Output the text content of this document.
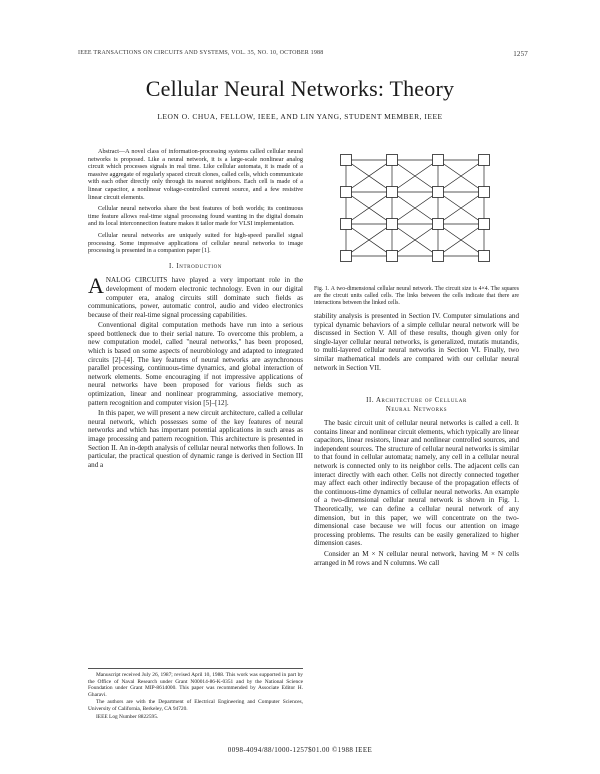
IEEE TRANSACTIONS ON CIRCUITS AND SYSTEMS, VOL. 35, NO. 10, OCTOBER 1988	1257
Cellular Neural Networks: Theory
LEON O. CHUA, FELLOW, IEEE, AND LIN YANG, STUDENT MEMBER, IEEE

Abstract—A novel class of information-processing systems called cellular neural networks is proposed. Like a neural network, it is a large-scale nonlinear analog circuit which processes signals in real time. Like cellular automata, it is made of a massive aggregate of regularly spaced circuit clones, called cells, which communicate with each other directly only through its nearest neighbors. Each cell is made of a linear capacitor, a nonlinear voltage-controlled current source, and a few resistive linear circuit elements.

Cellular neural networks share the best features of both worlds; its continuous time feature allows real-time signal processing found wanting in the digital domain and its local interconnection feature makes it tailor made for VLSI implementation.

Cellular neural networks are uniquely suited for high-speed parallel signal processing. Some impressive applications of cellular neural networks to image processing is presented in a companion paper [1].

I. Introduction

A NALOG CIRCUITS have played a very important role in the development of modern electronic technology. Even in our digital computer era, analog circuits still dominate such fields as communications, power, automatic control, audio and video electronics because of their real-time signal processing capabilities.

Conventional digital computation methods have run into a serious speed bottleneck due to their serial nature. To overcome this problem, a new computation model, called "neural networks," has been proposed, which is based on some aspects of neurobiology and adapted to integrated circuits [2]–[4]. The key features of neural networks are asynchronous parallel processing, continuous-time dynamics, and global interaction of network elements. Some encouraging if not impressive applications of neural networks have been proposed for various fields such as optimization, linear and nonlinear programming, associative memory, pattern recognition and computer vision [5]–[12].

In this paper, we will present a new circuit architecture, called a cellular neural network, which possesses some of the key features of neural networks and which has important potential applications in such areas as image processing and pattern recognition. This architecture is presented in Section II. An in-depth analysis of cellular neural networks then follows. In particular, the practical question of dynamic range is derived in Section III and a

Manuscript received July 26, 1987; revised April 10, 1988. This work was supported in part by the Office of Naval Research under Grant N00014-86-K-0351 and by the National Science Foundation under Grant MIP-8614000. This paper was recommended by Associate Editor H. Gharavi.

The authors are with the Department of Electrical Engineering and Computer Sciences, University of California, Berkeley, CA 94720.

IEEE Log Number 8822595.

Fig. 1. A two-dimensional cellular neural network. The circuit size is 4×4. The squares are the circuit units called cells. The links between the cells indicate that there are interactions between the linked cells.

stability analysis is presented in Section IV. Computer simulations and typical dynamic behaviors of a simple cellular neural network will be discussed in Section V. All of these results, though given only for single-layer cellular neural networks, is generalized, mutatis mutandis, to multi-layered cellular neural networks in Section VI. Finally, two similar mathematical models are compared with our cellular neural network in Section VII.

II. Architecture of Cellular
Neural Networks

The basic circuit unit of cellular neural networks is called a cell. It contains linear and nonlinear circuit elements, which typically are linear capacitors, linear resistors, linear and nonlinear controlled sources, and independent sources. The structure of cellular neural networks is similar to that found in cellular automata; namely, any cell in a cellular neural network is connected only to its neighbor cells. The adjacent cells can interact directly with each other. Cells not directly connected together may affect each other indirectly because of the propagation effects of the continuous-time dynamics of cellular neural networks. An example of a two-dimensional cellular neural network is shown in Fig. 1. Theoretically, we can define a cellular neural network of any dimension, but in this paper, we will concentrate on the two-dimensional case because we will focus our attention on image processing problems. The results can be easily generalized to higher dimension cases.

Consider an M × N cellular neural network, having M × N cells arranged in M rows and N columns. We call

0098-4094/88/1000-1257$01.00 ©1988 IEEE
